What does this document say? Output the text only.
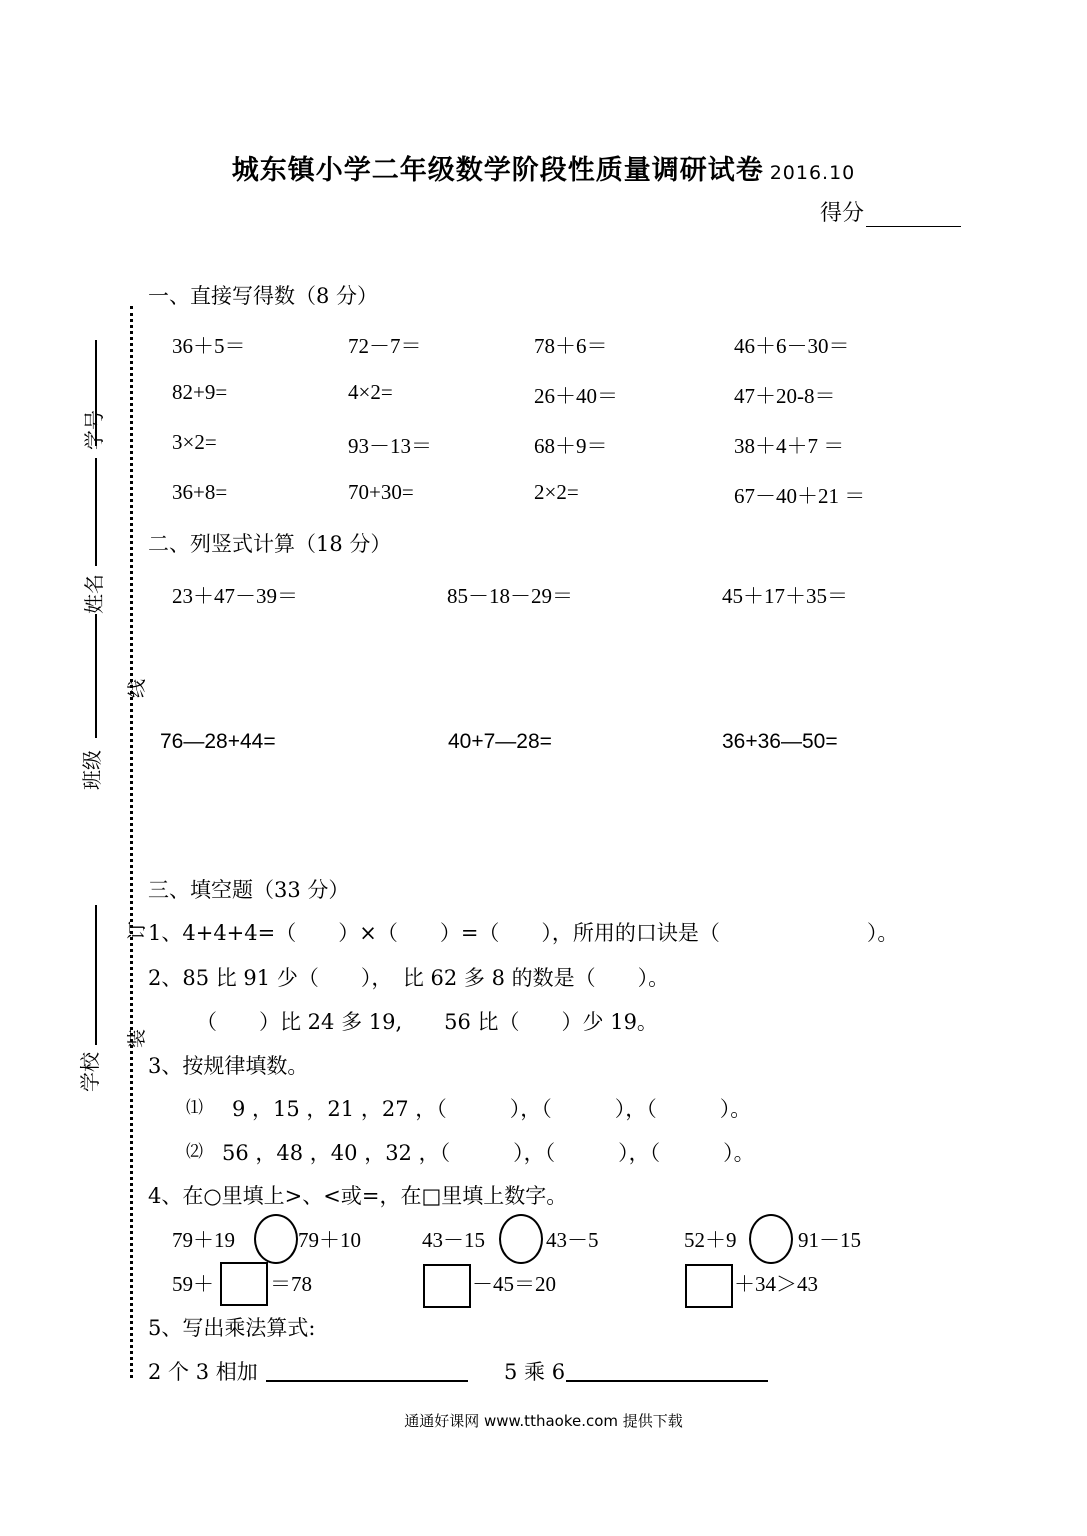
城东镇小学二年级数学阶段性质量调研试卷 2016.10
得分
学号
姓名
班级
学校
线
订
装
一、直接写得数（8 分）
36＋5＝	72－7＝	78＋6＝	46＋6－30＝
82+9=	4×2=	26＋40＝	47＋20-8＝
3×2=	93－13＝	68＋9＝	38＋4＋7 ＝
36+8=	70+30=	2×2=	67－40＋21 ＝
二、列竖式计算（18 分）
23＋47－39＝	85－18－29＝	45＋17＋35＝
76—28+44=	40+7—28=	36+36—50=
三、填空题（33 分）
1、4+4+4=（　　）×（　　）=（　　），所用的口诀是（　　　　　　　）。
2、85 比 91 少（　　），　比 62 多 8 的数是（　　）。
（　　）比 24 多 19,　　56 比（　　）少 19。
3、按规律填数。
⑴ 9 ，15 ，21 ，27 ，（　　　），（　　　），（　　　）。
⑵ 56 ，48 ，40 ，32 ，（　　　），（　　　），（　　　）。
4、在○里填上>、<或=，在□里填上数字。
79＋19	79＋10	43－15	43－5	52＋9	91－15
59＋	＝78	－45＝20	＋34＞43
5、写出乘法算式:
2 个 3 相加	5 乘 6
通通好课网 www.tthaoke.com 提供下载
